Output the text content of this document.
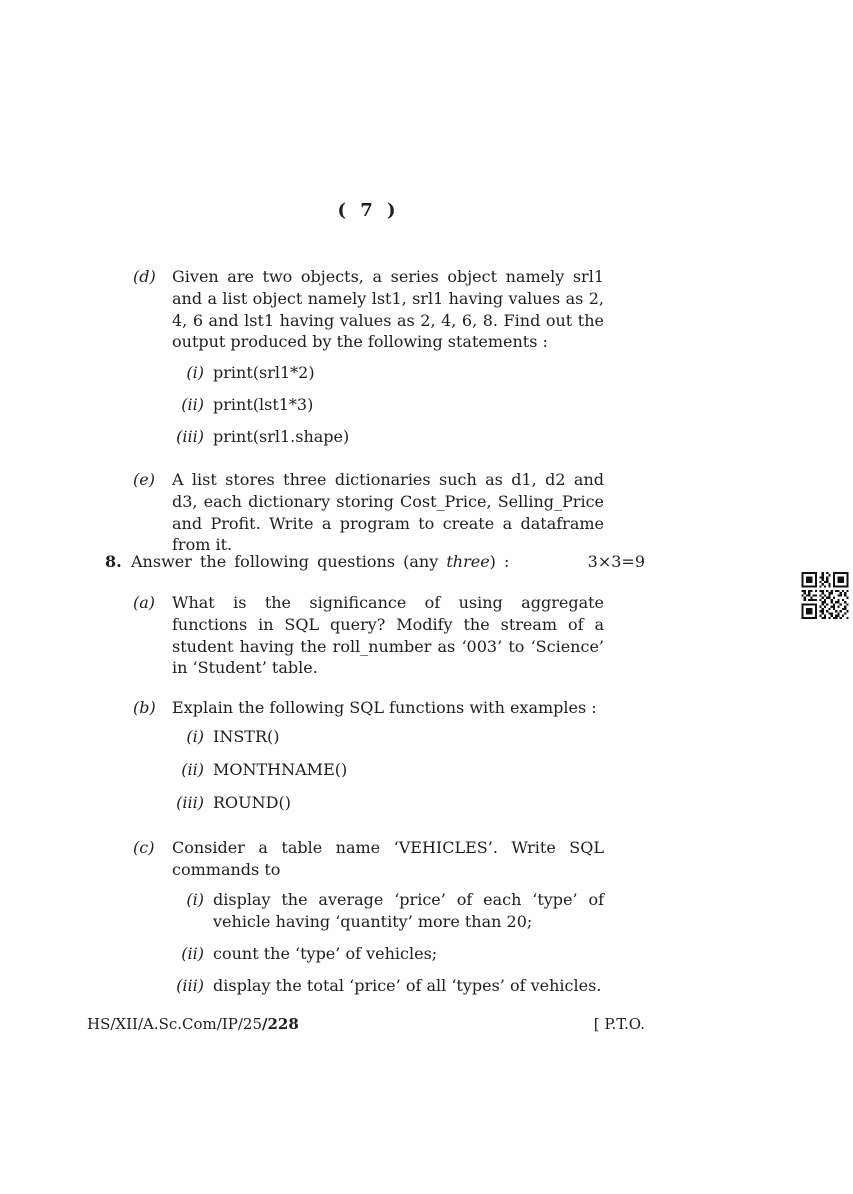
( 7 )
(d)	Given are two objects, a series object namely srl1 and a list object namely lst1, srl1 having values as 2, 4, 6 and lst1 having values as 2, 4, 6, 8. Find out the output produced by the following statements :
(i) print(srl1*2)
(ii) print(lst1*3)
(iii) print(srl1.shape)
(e)	A list stores three dictionaries such as d1, d2 and d3, each dictionary storing Cost_Price, Selling_Price and Profit. Write a program to create a dataframe from it.
8. Answer the following questions (any three) :	3×3=9
(a)	What is the significance of using aggregate functions in SQL query? Modify the stream of a student having the roll_number as ‘003’ to ‘Science’ in ‘Student’ table.
(b)	Explain the following SQL functions with examples :
(i) INSTR()
(ii) MONTHNAME()
(iii) ROUND()
(c)	Consider a table name ‘VEHICLES’. Write SQL commands to
(i) display the average ‘price’ of each ‘type’ of vehicle having ‘quantity’ more than 20;
(ii) count the ‘type’ of vehicles;
(iii) display the total ‘price’ of all ‘types’ of vehicles.
HS/XII/A.Sc.Com/IP/25/228	[ P.T.O.
